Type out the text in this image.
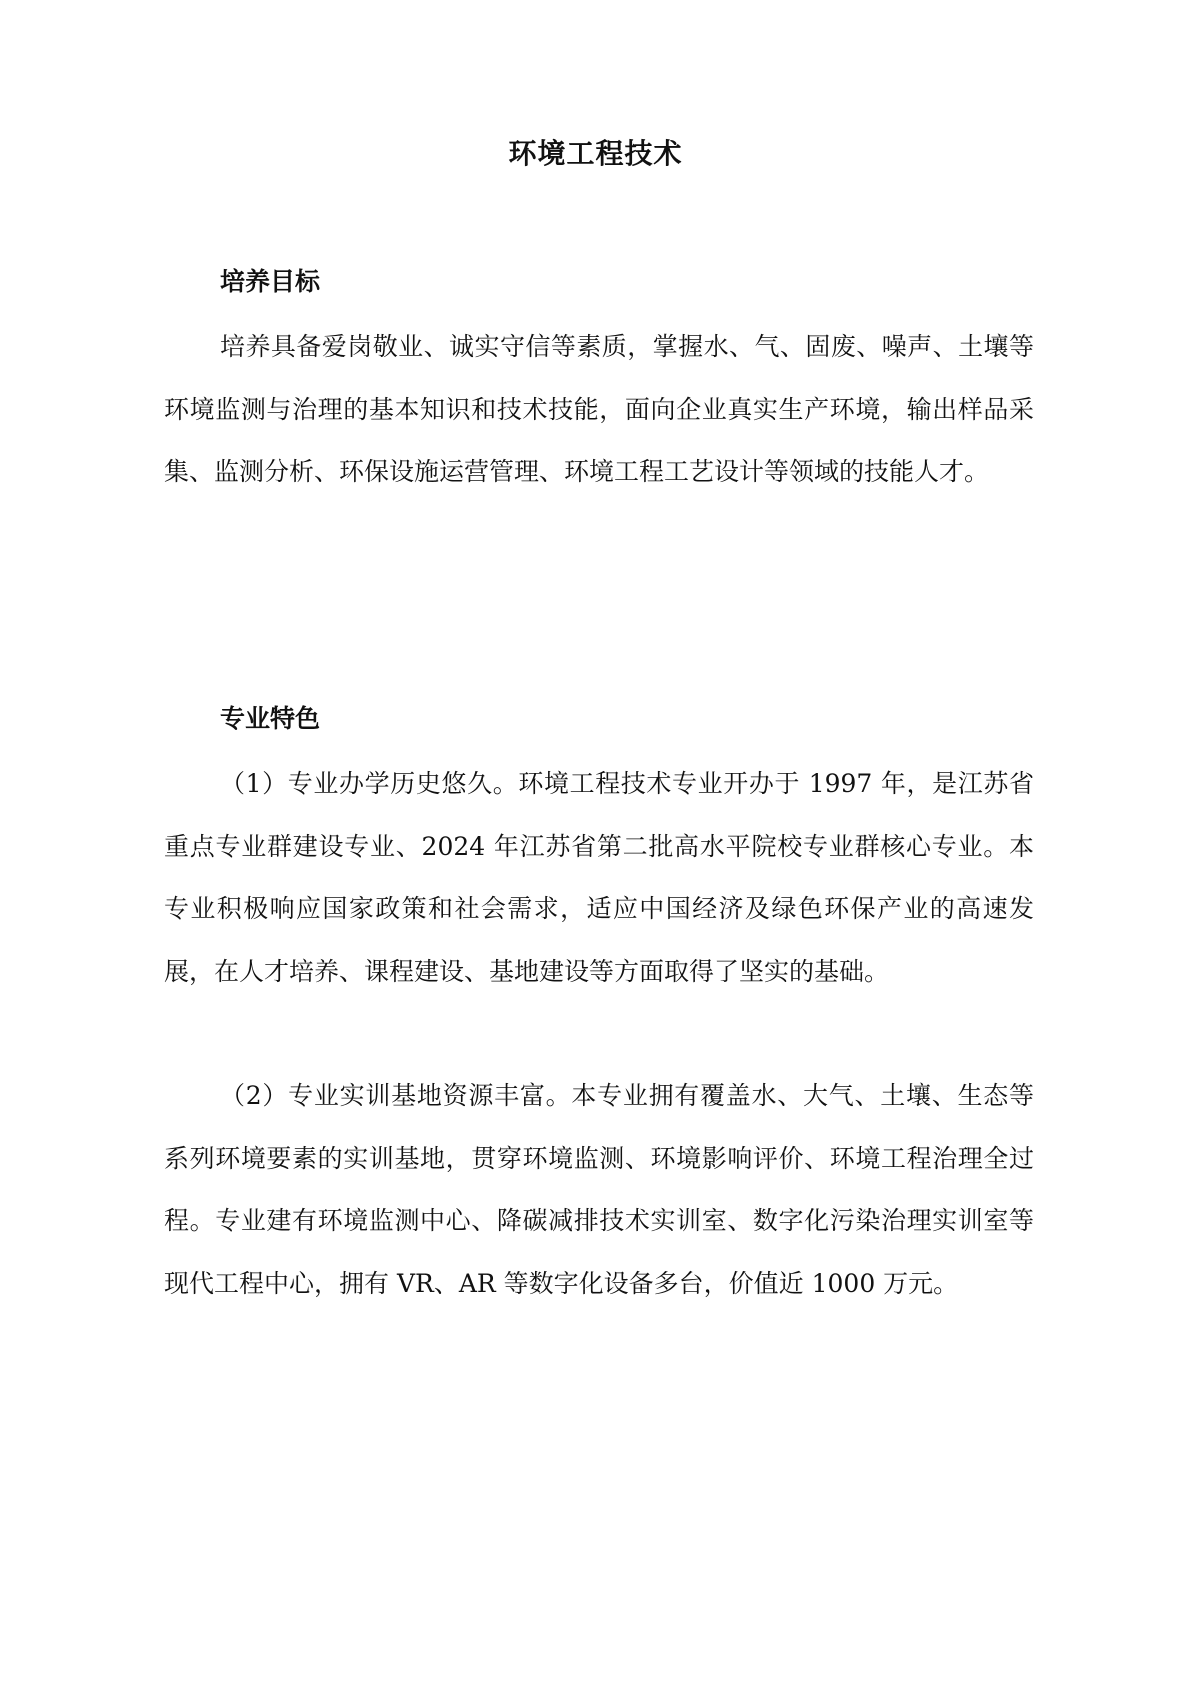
环境工程技术
培养目标

培养具备爱岗敬业、诚实守信等素质，掌握水、气、固废、噪声、土壤等环境监测与治理的基本知识和技术技能，面向企业真实生产环境，输出样品采集、监测分析、环保设施运营管理、环境工程工艺设计等领域的技能人才。

专业特色

（1）专业办学历史悠久。环境工程技术专业开办于 1997 年，是江苏省重点专业群建设专业、2024 年江苏省第二批高水平院校专业群核心专业。本专业积极响应国家政策和社会需求，适应中国经济及绿色环保产业的高速发展，在人才培养、课程建设、基地建设等方面取得了坚实的基础。

（2）专业实训基地资源丰富。本专业拥有覆盖水、大气、土壤、生态等系列环境要素的实训基地，贯穿环境监测、环境影响评价、环境工程治理全过程。专业建有环境监测中心、降碳减排技术实训室、数字化污染治理实训室等现代工程中心，拥有 VR、AR 等数字化设备多台，价值近 1000 万元。
